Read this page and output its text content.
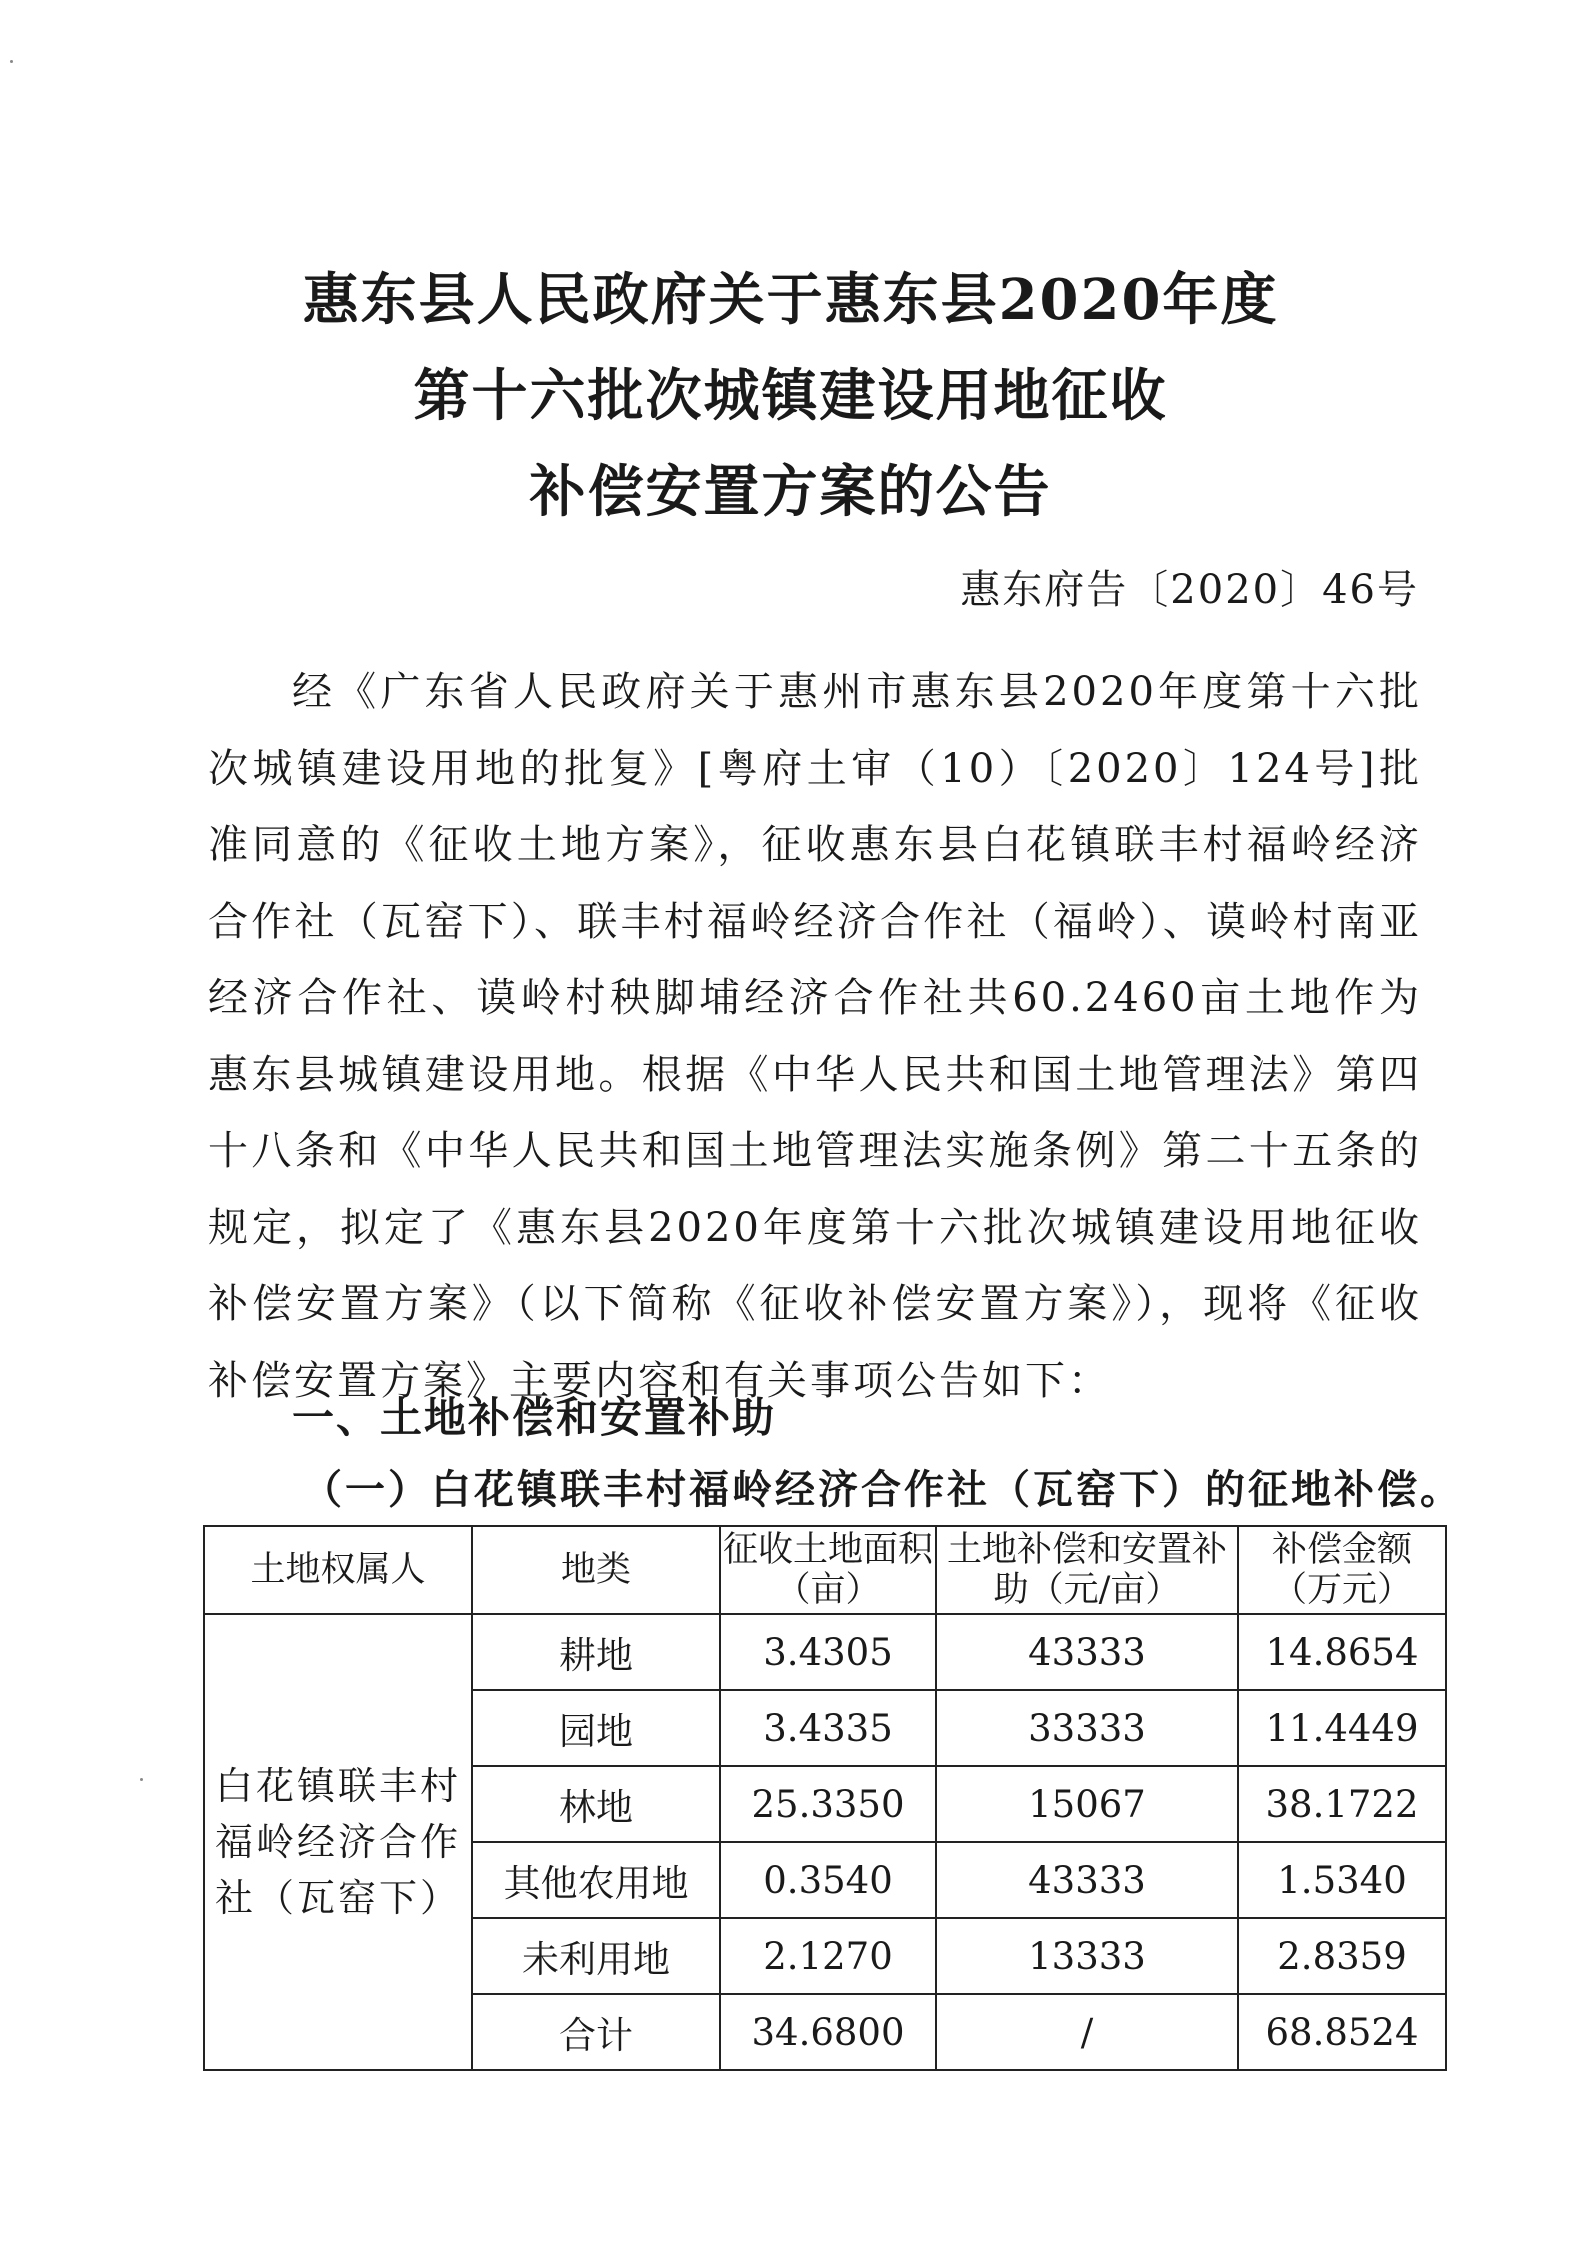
惠东县人民政府关于惠东县2020年度
第十六批次城镇建设用地征收
补偿安置方案的公告
惠东府告〔2020〕46号
经《广东省人民政府关于惠州市惠东县2020年度第十六批次城镇建设用地的批复》[粤府土审（10）〔2020〕124号]批准同意的《征收土地方案》，征收惠东县白花镇联丰村福岭经济合作社（瓦窑下）、联丰村福岭经济合作社（福岭）、谟岭村南亚经济合作社、谟岭村秧脚埔经济合作社共60.2460亩土地作为惠东县城镇建设用地。根据《中华人民共和国土地管理法》第四十八条和《中华人民共和国土地管理法实施条例》第二十五条的规定，拟定了《惠东县2020年度第十六批次城镇建设用地征收补偿安置方案》（以下简称《征收补偿安置方案》），现将《征收补偿安置方案》主要内容和有关事项公告如下：
一、土地补偿和安置补助
（一）白花镇联丰村福岭经济合作社（瓦窑下）的征地补偿。
土地权属人	地类	征收土地面积（亩）	土地补偿和安置补助（元/亩）	补偿金额（万元）
白花镇联丰村福岭经济合作社（瓦窑下）	耕地	3.4305	43333	14.8654
	园地	3.4335	33333	11.4449
	林地	25.3350	15067	38.1722
	其他农用地	0.3540	43333	1.5340
	未利用地	2.1270	13333	2.8359
	合计	34.6800	/	68.8524
